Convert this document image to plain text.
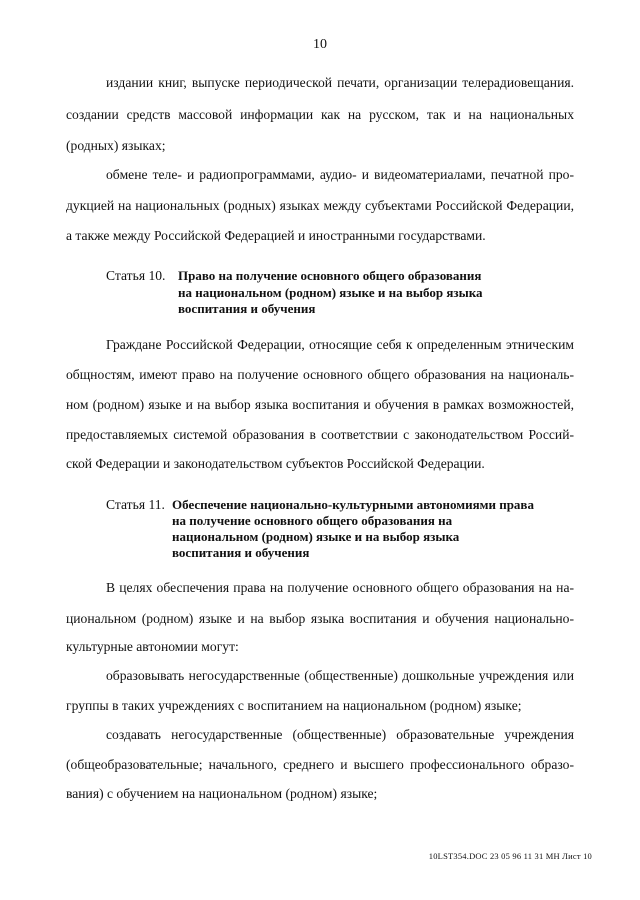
10
издании книг, выпуске периодической печати, организации телерадиовещания.
создании средств массовой информации как на русском, так и на национальных
(родных) языках;
обмене теле- и радиопрограммами, аудио- и видеоматериалами, печатной про-
дукцией на национальных (родных) языках между субъектами Российской Федерации,
а также между Российской Федерацией и иностранными государствами.
Статья 10. Право на получение основного общего образования
на национальном (родном) языке и на выбор языка
воспитания и обучения
Граждане Российской Федерации, относящие себя к определенным этническим
общностям, имеют право на получение основного общего образования на националь-
ном (родном) языке и на выбор языка воспитания и обучения в рамках возможностей,
предоставляемых системой образования в соответствии с законодательством Россий-
ской Федерации и законодательством субъектов Российской Федерации.
Статья 11. Обеспечение национально-культурными автономиями права
на получение основного общего образования на
национальном (родном) языке и на выбор языка
воспитания и обучения
В целях обеспечения права на получение основного общего образования на на-
циональном (родном) языке и на выбор языка воспитания и обучения национально-
культурные автономии могут:
образовывать негосударственные (общественные) дошкольные учреждения или
группы в таких учреждениях с воспитанием на национальном (родном) языке;
создавать негосударственные (общественные) образовательные учреждения
(общеобразовательные; начального, среднего и высшего профессионального образо-
вания) с обучением на национальном (родном) языке;
10LST354.DOC 23 05 96 11 31 МН Лист 10
